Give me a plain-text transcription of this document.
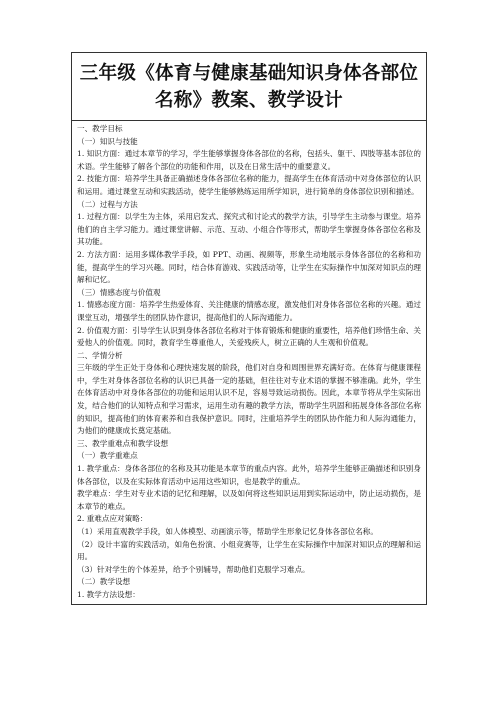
三年级《体育与健康基础知识身体各部位名称》教案、教学设计
一、教学目标
（一）知识与技能
1. 知识方面：通过本章节的学习，学生能够掌握身体各部位的名称，包括头、躯干、四肢等基本部位的术语。学生能够了解各个部位的功能和作用，以及在日常生活中的重要意义。
2. 技能方面：培养学生具备正确描述身体各部位名称的能力，提高学生在体育活动中对身体部位的认识和运用。通过课堂互动和实践活动，使学生能够熟练运用所学知识，进行简单的身体部位识别和描述。
（二）过程与方法
1. 过程方面：以学生为主体，采用启发式、探究式和讨论式的教学方法，引导学生主动参与课堂。培养他们的自主学习能力。通过课堂讲解、示范、互动、小组合作等形式，帮助学生掌握身体各部位名称及其功能。
2. 方法方面：运用多媒体教学手段，如 PPT、动画、视频等，形象生动地展示身体各部位的名称和功能，提高学生的学习兴趣。同时，结合体育游戏、实践活动等，让学生在实际操作中加深对知识点的理解和记忆。
（三）情感态度与价值观
1. 情感态度方面：培养学生热爱体育、关注健康的情感态度，激发他们对身体各部位名称的兴趣。通过课堂互动，增强学生的团队协作意识，提高他们的人际沟通能力。
2. 价值观方面：引导学生认识到身体各部位名称对于体育锻炼和健康的重要性，培养他们珍惜生命、关爱他人的价值观。同时，教育学生尊重他人，关爱残疾人，树立正确的人生观和价值观。
二、学情分析
三年级的学生正处于身体和心理快速发展的阶段，他们对自身和周围世界充满好奇。在体育与健康课程中，学生对身体各部位名称的认识已具备一定的基础，但往往对专业术语的掌握不够准确。此外，学生在体育活动中对身体各部位的功能和运用认识不足，容易导致运动损伤。因此，本章节将从学生实际出发，结合他们的认知特点和学习需求，运用生动有趣的教学方法，帮助学生巩固和拓展身体各部位名称的知识，提高他们的体育素养和自我保护意识。同时，注重培养学生的团队协作能力和人际沟通能力，为他们的健康成长奠定基础。
三、教学重难点和教学设想
（一）教学重难点
1. 教学重点：身体各部位的名称及其功能是本章节的重点内容。此外，培养学生能够正确描述和识别身体各部位，以及在实际体育活动中运用这些知识，也是教学的重点。
教学难点：学生对专业术语的记忆和理解，以及如何将这些知识运用到实际运动中，防止运动损伤，是本章节的难点。
2. 重难点应对策略：
（1）采用直观教学手段，如人体模型、动画演示等，帮助学生形象记忆身体各部位名称。
（2）设计丰富的实践活动，如角色扮演、小组竞赛等，让学生在实际操作中加深对知识点的理解和运用。
（3）针对学生的个体差异，给予个别辅导，帮助他们克服学习难点。
（二）教学设想
1. 教学方法设想：
